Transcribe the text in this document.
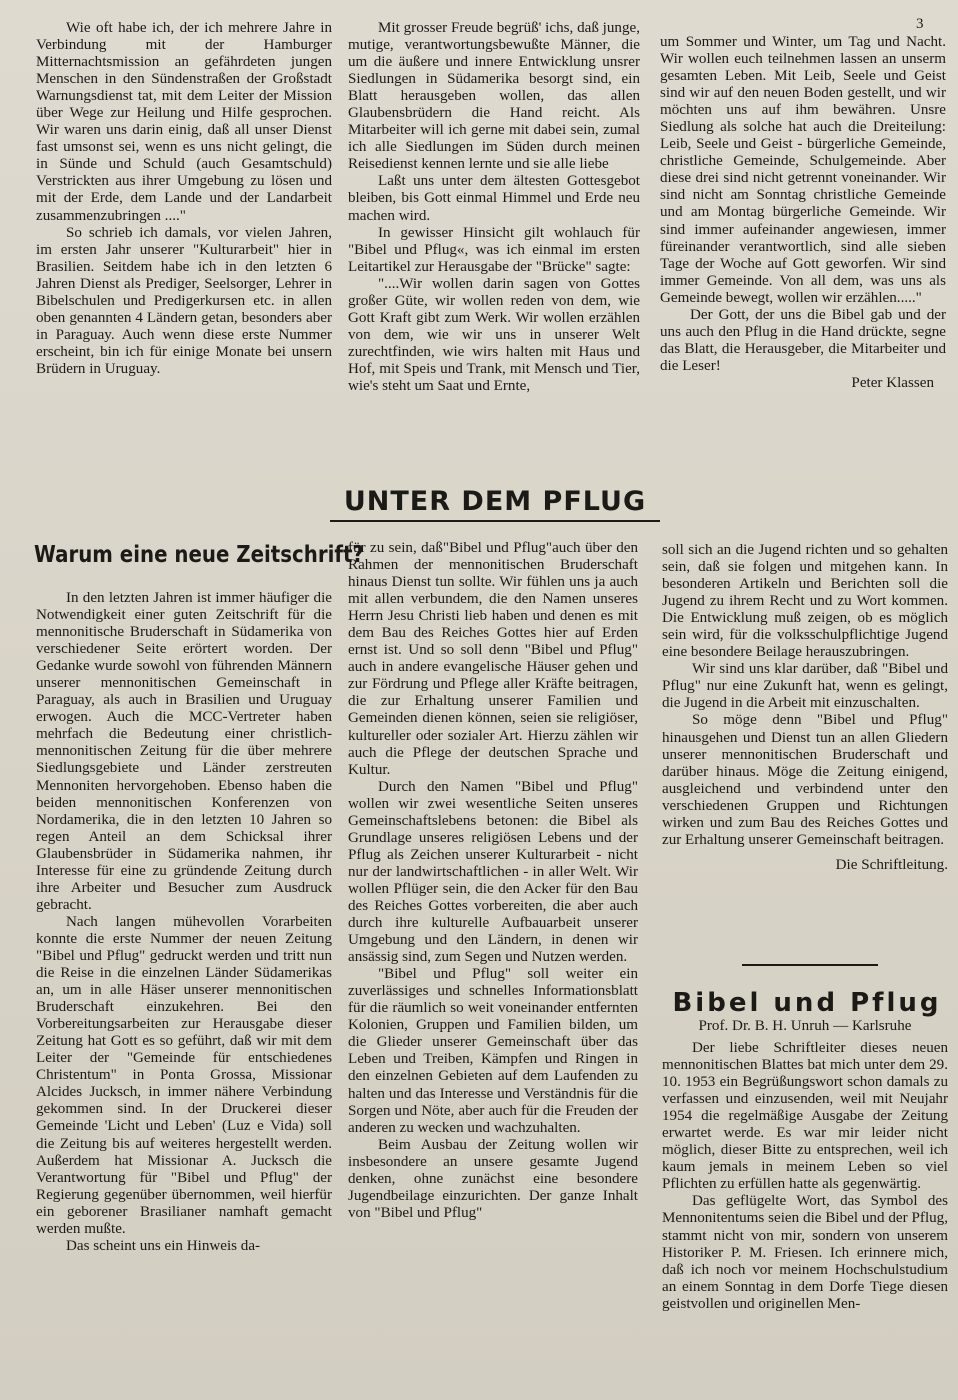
3

Wie oft habe ich, der ich mehrere Jahre in Verbindung mit der Hamburger Mitternachtsmission an gefährdeten jungen Menschen in den Sündenstraßen der Großstadt Warnungsdienst tat, mit dem Leiter der Mission über Wege zur Heilung und Hilfe gesprochen. Wir waren uns darin einig, daß all unser Dienst fast umsonst sei, wenn es uns nicht gelingt, die in Sünde und Schuld (auch Gesamtschuld) Verstrickten aus ihrer Umgebung zu lösen und mit der Erde, dem Lande und der Landarbeit zusammenzubringen ...."

So schrieb ich damals, vor vielen Jahren, im ersten Jahr unserer "Kulturarbeit" hier in Brasilien. Seitdem habe ich in den letzten 6 Jahren Dienst als Prediger, Seelsorger, Lehrer in Bibelschulen und Predigerkursen etc. in allen oben genannten 4 Ländern getan, besonders aber in Paraguay. Auch wenn diese erste Nummer erscheint, bin ich für einige Monate bei unsern Brüdern in Uruguay.

Mit grosser Freude begrüß' ichs, daß junge, mutige, verantwortungsbewußte Männer, die um die äußere und innere Entwicklung unsrer Siedlungen in Südamerika besorgt sind, ein Blatt herausgeben wollen, das allen Glaubensbrüdern die Hand reicht. Als Mitarbeiter will ich gerne mit dabei sein, zumal ich alle Siedlungen im Süden durch meinen Reisedienst kennen lernte und sie alle liebe

Laßt uns unter dem ältesten Gottesgebot bleiben, bis Gott einmal Himmel und Erde neu machen wird.

In gewisser Hinsicht gilt wohlauch für "Bibel und Pflug«, was ich einmal im ersten Leitartikel zur Herausgabe der "Brücke" sagte:

"....Wir wollen darin sagen von Gottes großer Güte, wir wollen reden von dem, wie Gott Kraft gibt zum Werk. Wir wollen erzählen von dem, wie wir uns in unserer Welt zurechtfinden, wie wirs halten mit Haus und Hof, mit Speis und Trank, mit Mensch und Tier, wie's steht um Saat und Ernte,

um Sommer und Winter, um Tag und Nacht. Wir wollen euch teilnehmen lassen an unserm gesamten Leben. Mit Leib, Seele und Geist sind wir auf den neuen Boden gestellt, und wir möchten uns auf ihm bewähren. Unsre Siedlung als solche hat auch die Dreiteilung: Leib, Seele und Geist - bürgerliche Gemeinde, christliche Gemeinde, Schulgemeinde. Aber diese drei sind nicht getrennt voneinander. Wir sind nicht am Sonntag christliche Gemeinde und am Montag bürgerliche Gemeinde. Wir sind immer aufeinander angewiesen, immer füreinander verantwortlich, sind alle sieben Tage der Woche auf Gott geworfen. Wir sind immer Gemeinde. Von all dem, was uns als Gemeinde bewegt, wollen wir erzählen....."

Der Gott, der uns die Bibel gab und der uns auch den Pflug in die Hand drückte, segne das Blatt, die Herausgeber, die Mitarbeiter und die Leser!

Peter Klassen

UNTER DEM PFLUG
Warum eine neue Zeitschrift?

In den letzten Jahren ist immer häufiger die Notwendigkeit einer guten Zeitschrift für die mennonitische Bruderschaft in Südamerika von verschiedener Seite erörtert worden. Der Gedanke wurde sowohl von führenden Männern unserer mennonitischen Gemeinschaft in Paraguay, als auch in Brasilien und Uruguay erwogen. Auch die MCC-Vertreter haben mehrfach die Bedeutung einer christlich-mennonitischen Zeitung für die über mehrere Siedlungsgebiete und Länder zerstreuten Mennoniten hervorgehoben. Ebenso haben die beiden mennonitischen Konferenzen von Nordamerika, die in den letzten 10 Jahren so regen Anteil an dem Schicksal ihrer Glaubensbrüder in Südamerika nahmen, ihr Interesse für eine zu gründende Zeitung durch ihre Arbeiter und Besucher zum Ausdruck gebracht.

Nach langen mühevollen Vorarbeiten konnte die erste Nummer der neuen Zeitung "Bibel und Pflug" gedruckt werden und tritt nun die Reise in die einzelnen Länder Südamerikas an, um in alle Häser unserer mennonitischen Bruderschaft einzukehren. Bei den Vorbereitungsarbeiten zur Herausgabe dieser Zeitung hat Gott es so geführt, daß wir mit dem Leiter der "Gemeinde für entschiedenes Christentum" in Ponta Grossa, Missionar Alcides Jucksch, in immer nähere Verbindung gekommen sind. In der Druckerei dieser Gemeinde 'Licht und Leben' (Luz e Vida) soll die Zeitung bis auf weiteres hergestellt werden. Außerdem hat Missionar A. Jucksch die Verantwortung für "Bibel und Pflug" der Regierung gegenüber übernommen, weil hierfür ein geborener Brasilianer namhaft gemacht werden mußte.

Das scheint uns ein Hinweis da-

für zu sein, daß"Bibel und Pflug"auch über den Rahmen der mennonitischen Bruderschaft hinaus Dienst tun sollte. Wir fühlen uns ja auch mit allen verbundem, die den Namen unseres Herrn Jesu Christi lieb haben und denen es mit dem Bau des Reiches Gottes hier auf Erden ernst ist. Und so soll denn "Bibel und Pflug" auch in andere evangelische Häuser gehen und zur Fördrung und Pflege aller Kräfte beitragen, die zur Erhaltung unserer Familien und Gemeinden dienen können, seien sie religiöser, kultureller oder sozialer Art. Hierzu zählen wir auch die Pflege der deutschen Sprache und Kultur.

Durch den Namen "Bibel und Pflug" wollen wir zwei wesentliche Seiten unseres Gemeinschaftslebens betonen: die Bibel als Grundlage unseres religiösen Lebens und der Pflug als Zeichen unserer Kulturarbeit - nicht nur der landwirtschaftlichen - in aller Welt. Wir wollen Pflüger sein, die den Acker für den Bau des Reiches Gottes vorbereiten, die aber auch durch ihre kulturelle Aufbauarbeit unserer Umgebung und den Ländern, in denen wir ansässig sind, zum Segen und Nutzen werden.

"Bibel und Pflug" soll weiter ein zuverlässiges und schnelles Informationsblatt für die räumlich so weit voneinander entfernten Kolonien, Gruppen und Familien bilden, um die Glieder unserer Gemeinschaft über das Leben und Treiben, Kämpfen und Ringen in den einzelnen Gebieten auf dem Laufenden zu halten und das Interesse und Verständnis für die Sorgen und Nöte, aber auch für die Freuden der anderen zu wecken und wachzuhalten.

Beim Ausbau der Zeitung wollen wir insbesondere an unsere gesamte Jugend denken, ohne zunächst eine besondere Jugendbeilage einzurichten. Der ganze Inhalt von "Bibel und Pflug"

soll sich an die Jugend richten und so gehalten sein, daß sie folgen und mitgehen kann. In besonderen Artikeln und Berichten soll die Jugend zu ihrem Recht und zu Wort kommen. Die Entwicklung muß zeigen, ob es möglich sein wird, für die volksschulpflichtige Jugend eine besondere Beilage herauszubringen.

Wir sind uns klar darüber, daß "Bibel und Pflug" nur eine Zukunft hat, wenn es gelingt, die Jugend in die Arbeit mit einzuschalten.

So möge denn "Bibel und Pflug" hinausgehen und Dienst tun an allen Gliedern unserer mennonitischen Bruderschaft und darüber hinaus. Möge die Zeitung einigend, ausgleichend und verbindend unter den verschiedenen Gruppen und Richtungen wirken und zum Bau des Reiches Gottes und zur Erhaltung unserer Gemeinschaft beitragen.

Die Schriftleitung.

Bibel und Pflug
Prof. Dr. B. H. Unruh — Karlsruhe

Der liebe Schriftleiter dieses neuen mennonitischen Blattes bat mich unter dem 29. 10. 1953 ein Begrüßungswort schon damals zu verfassen und einzusenden, weil mit Neujahr 1954 die regelmäßige Ausgabe der Zeitung erwartet werde. Es war mir leider nicht möglich, dieser Bitte zu entsprechen, weil ich kaum jemals in meinem Leben so viel Pflichten zu erfüllen hatte als gegenwärtig.

Das geflügelte Wort, das Symbol des Mennonitentums seien die Bibel und der Pflug, stammt nicht von mir, sondern von unserem Historiker P. M. Friesen. Ich erinnere mich, daß ich noch vor meinem Hochschulstudium an einem Sonntag in dem Dorfe Tiege diesen geistvollen und originellen Men-
